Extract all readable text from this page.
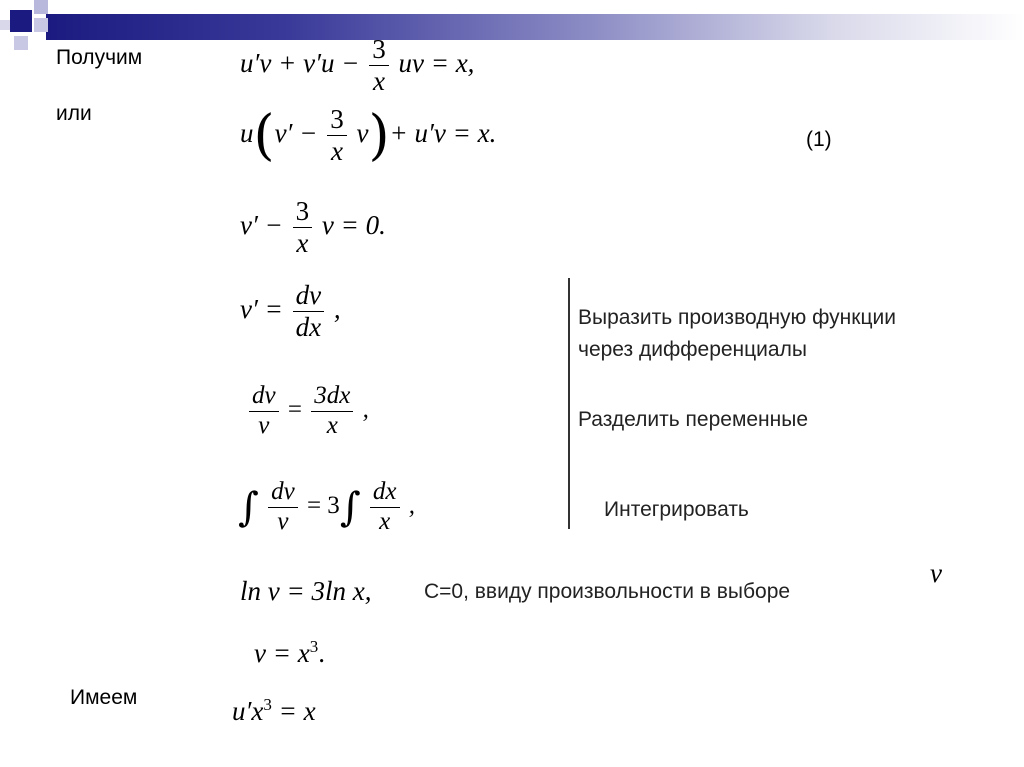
Получим
или
Имеем
(1)
$u'v + v'u - \frac{3}{x}$ uv = x,
$u(v' - \frac{3}{x} v)+ u'v = x$.
$v' - \frac{3}{x}$ v = 0.
$v' = \frac{dv}{dx}$ ,
$\frac{dv}{v} = \frac{3dx}{x}$ ,
∫ $\frac{dv}{v} = 3\int \frac{dx}{x}$ ,
ln v = 3ln x,
$v = x^3$.
$u'x^3 = x$
Выразить производную функции
через дифференциалы
Разделить переменные
Интегрировать
C=0, ввиду произвольности в выборе
v
